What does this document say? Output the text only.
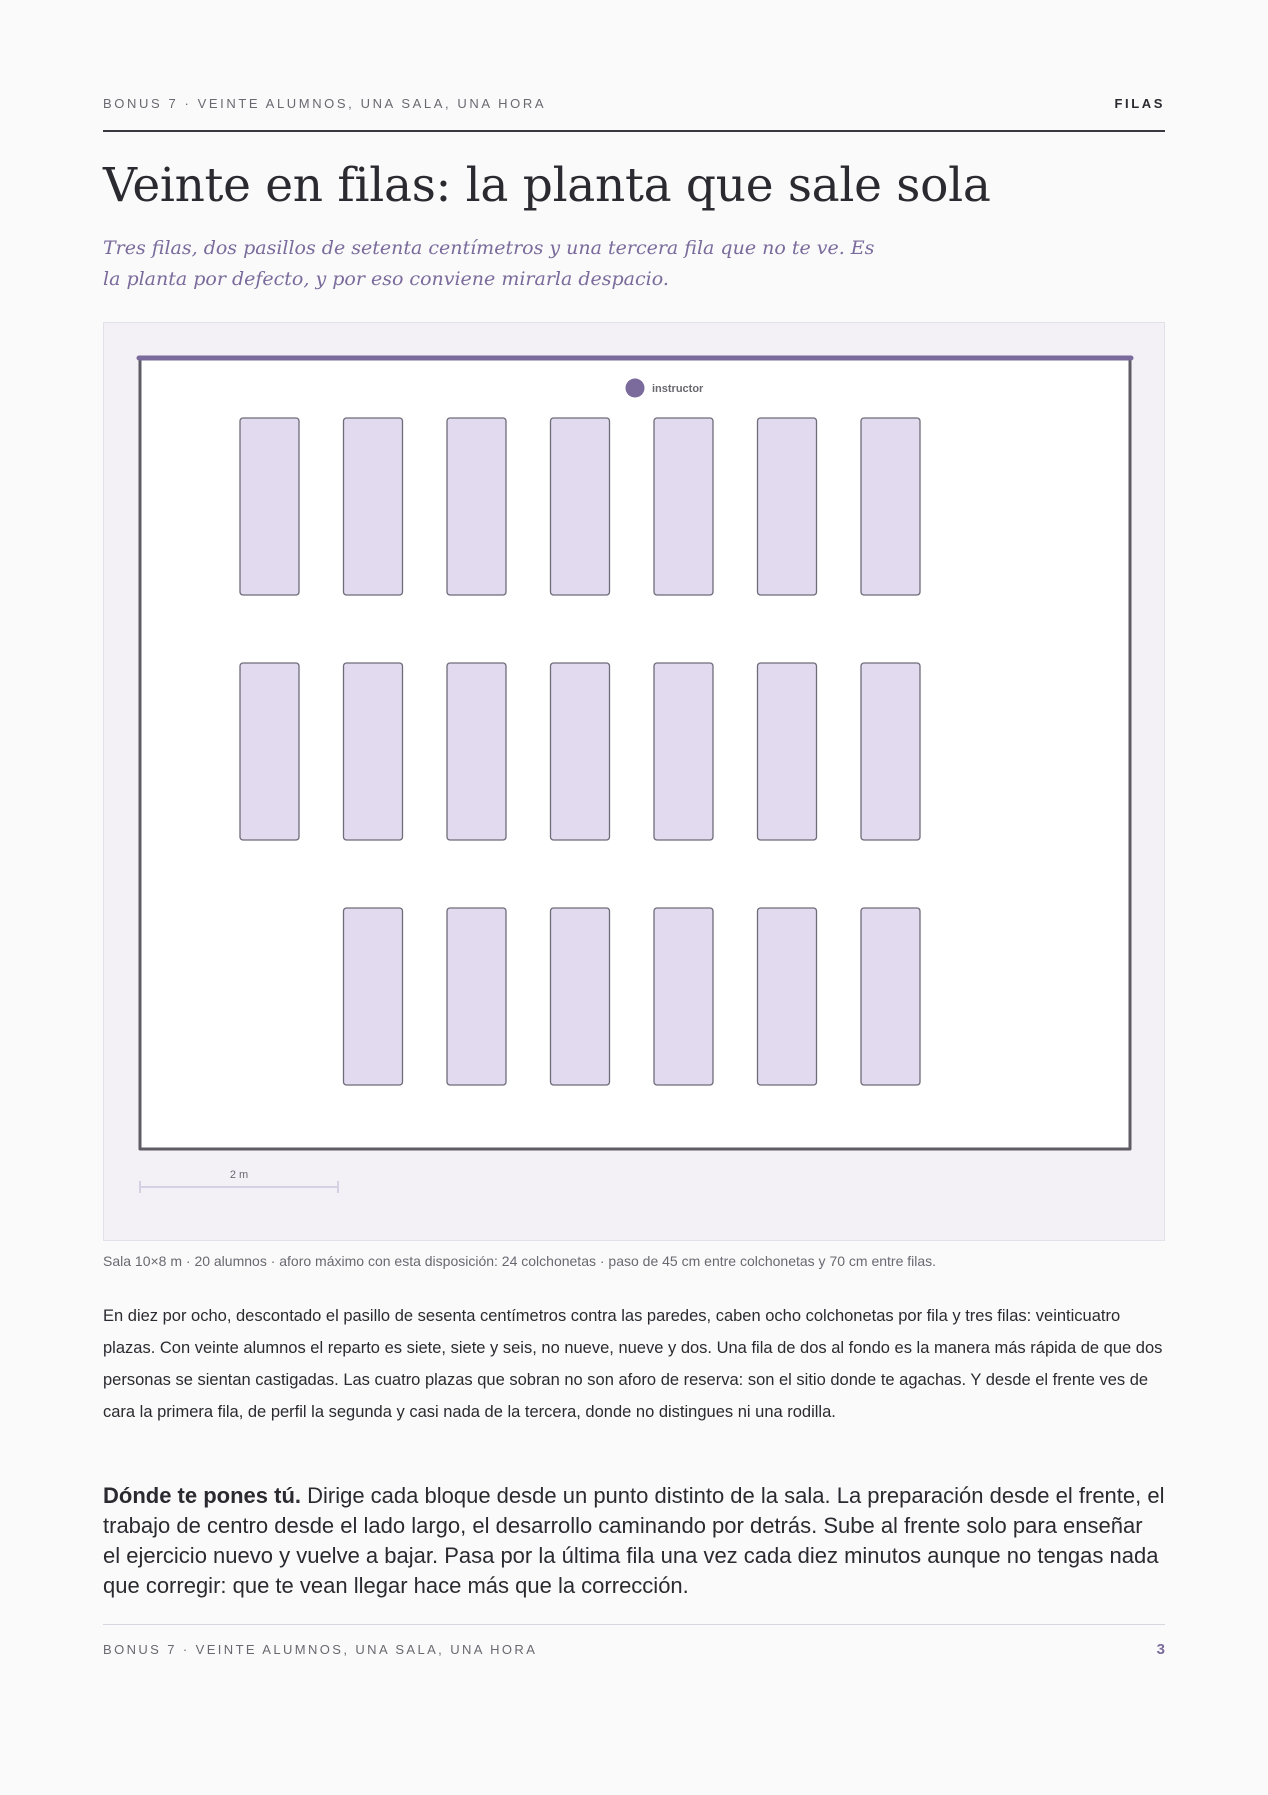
BONUS 7 · VEINTE ALUMNOS, UNA SALA, UNA HORA	FILAS
Veinte en filas: la planta que sale sola

Tres filas, dos pasillos de setenta centímetros y una tercera fila que no te ve. Es la planta por defecto, y por eso conviene mirarla despacio.

instructor
2 m
Sala 10×8 m · 20 alumnos · aforo máximo con esta disposición: 24 colchonetas · paso de 45 cm entre colchonetas y 70 cm entre filas.

En diez por ocho, descontado el pasillo de sesenta centímetros contra las paredes, caben ocho colchonetas por fila y tres filas: veinticuatro plazas. Con veinte alumnos el reparto es siete, siete y seis, no nueve, nueve y dos. Una fila de dos al fondo es la manera más rápida de que dos personas se sientan castigadas. Las cuatro plazas que sobran no son aforo de reserva: son el sitio donde te agachas. Y desde el frente ves de cara la primera fila, de perfil la segunda y casi nada de la tercera, donde no distingues ni una rodilla.

Dónde te pones tú. Dirige cada bloque desde un punto distinto de la sala. La preparación desde el frente, el trabajo de centro desde el lado largo, el desarrollo caminando por detrás. Sube al frente solo para enseñar el ejercicio nuevo y vuelve a bajar. Pasa por la última fila una vez cada diez minutos aunque no tengas nada que corregir: que te vean llegar hace más que la corrección.

BONUS 7 · VEINTE ALUMNOS, UNA SALA, UNA HORA	3
